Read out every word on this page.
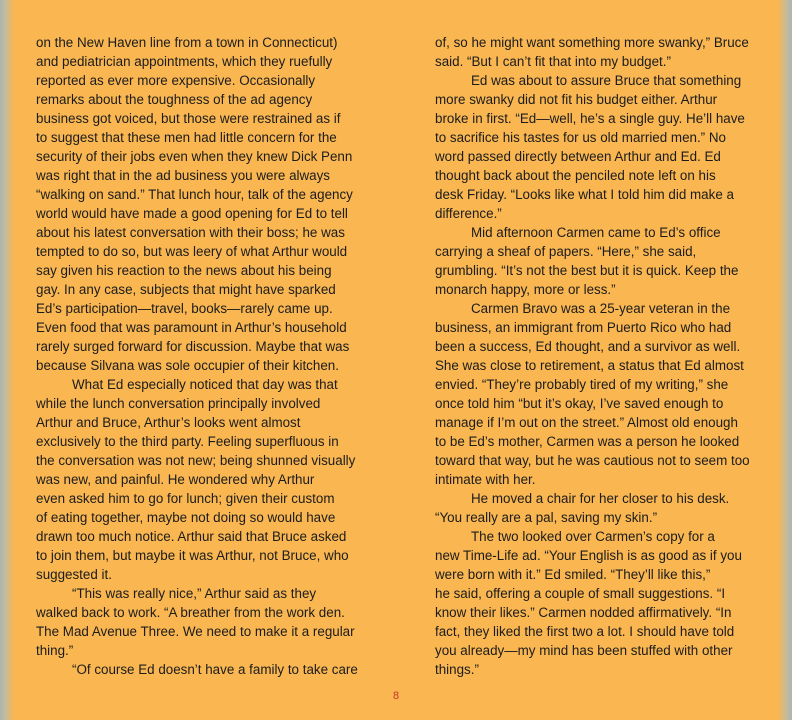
on the New Haven line from a town in Connecticut)
and pediatrician appointments, which they ruefully
reported as ever more expensive. Occasionally
remarks about the toughness of the ad agency
business got voiced, but those were restrained as if
to suggest that these men had little concern for the
security of their jobs even when they knew Dick Penn
was right that in the ad business you were always
“walking on sand.” That lunch hour, talk of the agency
world would have made a good opening for Ed to tell
about his latest conversation with their boss; he was
tempted to do so, but was leery of what Arthur would
say given his reaction to the news about his being
gay. In any case, subjects that might have sparked
Ed’s participation—travel, books—rarely came up.
Even food that was paramount in Arthur’s household
rarely surged forward for discussion. Maybe that was
because Silvana was sole occupier of their kitchen.
What Ed especially noticed that day was that
while the lunch conversation principally involved
Arthur and Bruce, Arthur’s looks went almost
exclusively to the third party. Feeling superfluous in
the conversation was not new; being shunned visually
was new, and painful. He wondered why Arthur
even asked him to go for lunch; given their custom
of eating together, maybe not doing so would have
drawn too much notice. Arthur said that Bruce asked
to join them, but maybe it was Arthur, not Bruce, who
suggested it.
“This was really nice,” Arthur said as they
walked back to work. “A breather from the work den.
The Mad Avenue Three. We need to make it a regular
thing.”
“Of course Ed doesn’t have a family to take care
of, so he might want something more swanky,” Bruce
said. “But I can’t fit that into my budget.”
Ed was about to assure Bruce that something
more swanky did not fit his budget either. Arthur
broke in first. “Ed—well, he’s a single guy. He’ll have
to sacrifice his tastes for us old married men.” No
word passed directly between Arthur and Ed. Ed
thought back about the penciled note left on his
desk Friday. “Looks like what I told him did make a
difference.”
Mid afternoon Carmen came to Ed’s office
carrying a sheaf of papers. “Here,” she said,
grumbling. “It’s not the best but it is quick. Keep the
monarch happy, more or less.”
Carmen Bravo was a 25-year veteran in the
business, an immigrant from Puerto Rico who had
been a success, Ed thought, and a survivor as well.
She was close to retirement, a status that Ed almost
envied. “They’re probably tired of my writing,” she
once told him “but it’s okay, I’ve saved enough to
manage if I’m out on the street.” Almost old enough
to be Ed’s mother, Carmen was a person he looked
toward that way, but he was cautious not to seem too
intimate with her.
He moved a chair for her closer to his desk.
“You really are a pal, saving my skin.”
The two looked over Carmen’s copy for a
new Time-Life ad. “Your English is as good as if you
were born with it.” Ed smiled. “They’ll like this,”
he said, offering a couple of small suggestions. “I
know their likes.” Carmen nodded affirmatively. “In
fact, they liked the first two a lot. I should have told
you already—my mind has been stuffed with other
things.”
8
